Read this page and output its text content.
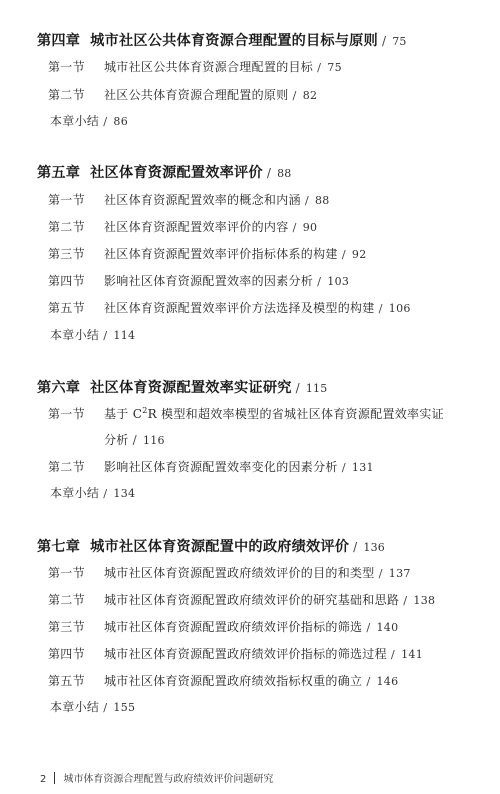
第四章 城市社区公共体育资源合理配置的目标与原则 / 75
第一节 城市社区公共体育资源合理配置的目标 / 75
第二节 社区公共体育资源合理配置的原则 / 82
本章小结 / 86
第五章 社区体育资源配置效率评价 / 88
第一节 社区体育资源配置效率的概念和内涵 / 88
第二节 社区体育资源配置效率评价的内容 / 90
第三节 社区体育资源配置效率评价指标体系的构建 / 92
第四节 影响社区体育资源配置效率的因素分析 / 103
第五节 社区体育资源配置效率评价方法选择及模型的构建 / 106
本章小结 / 114
第六章 社区体育资源配置效率实证研究 / 115
第一节 基于 $C^2R$ 模型和超效率模型的省城社区体育资源配置效率实证
分析 / 116
第二节 影响社区体育资源配置效率变化的因素分析 / 131
本章小结 / 134
第七章 城市社区体育资源配置中的政府绩效评价 / 136
第一节 城市社区体育资源配置政府绩效评价的目的和类型 / 137
第二节 城市社区体育资源配置政府绩效评价的研究基础和思路 / 138
第三节 城市社区体育资源配置政府绩效评价指标的筛选 / 140
第四节 城市社区体育资源配置政府绩效评价指标的筛选过程 / 141
第五节 城市社区体育资源配置政府绩效指标权重的确立 / 146
本章小结 / 155
2 城市体育资源合理配置与政府绩效评价问题研究
